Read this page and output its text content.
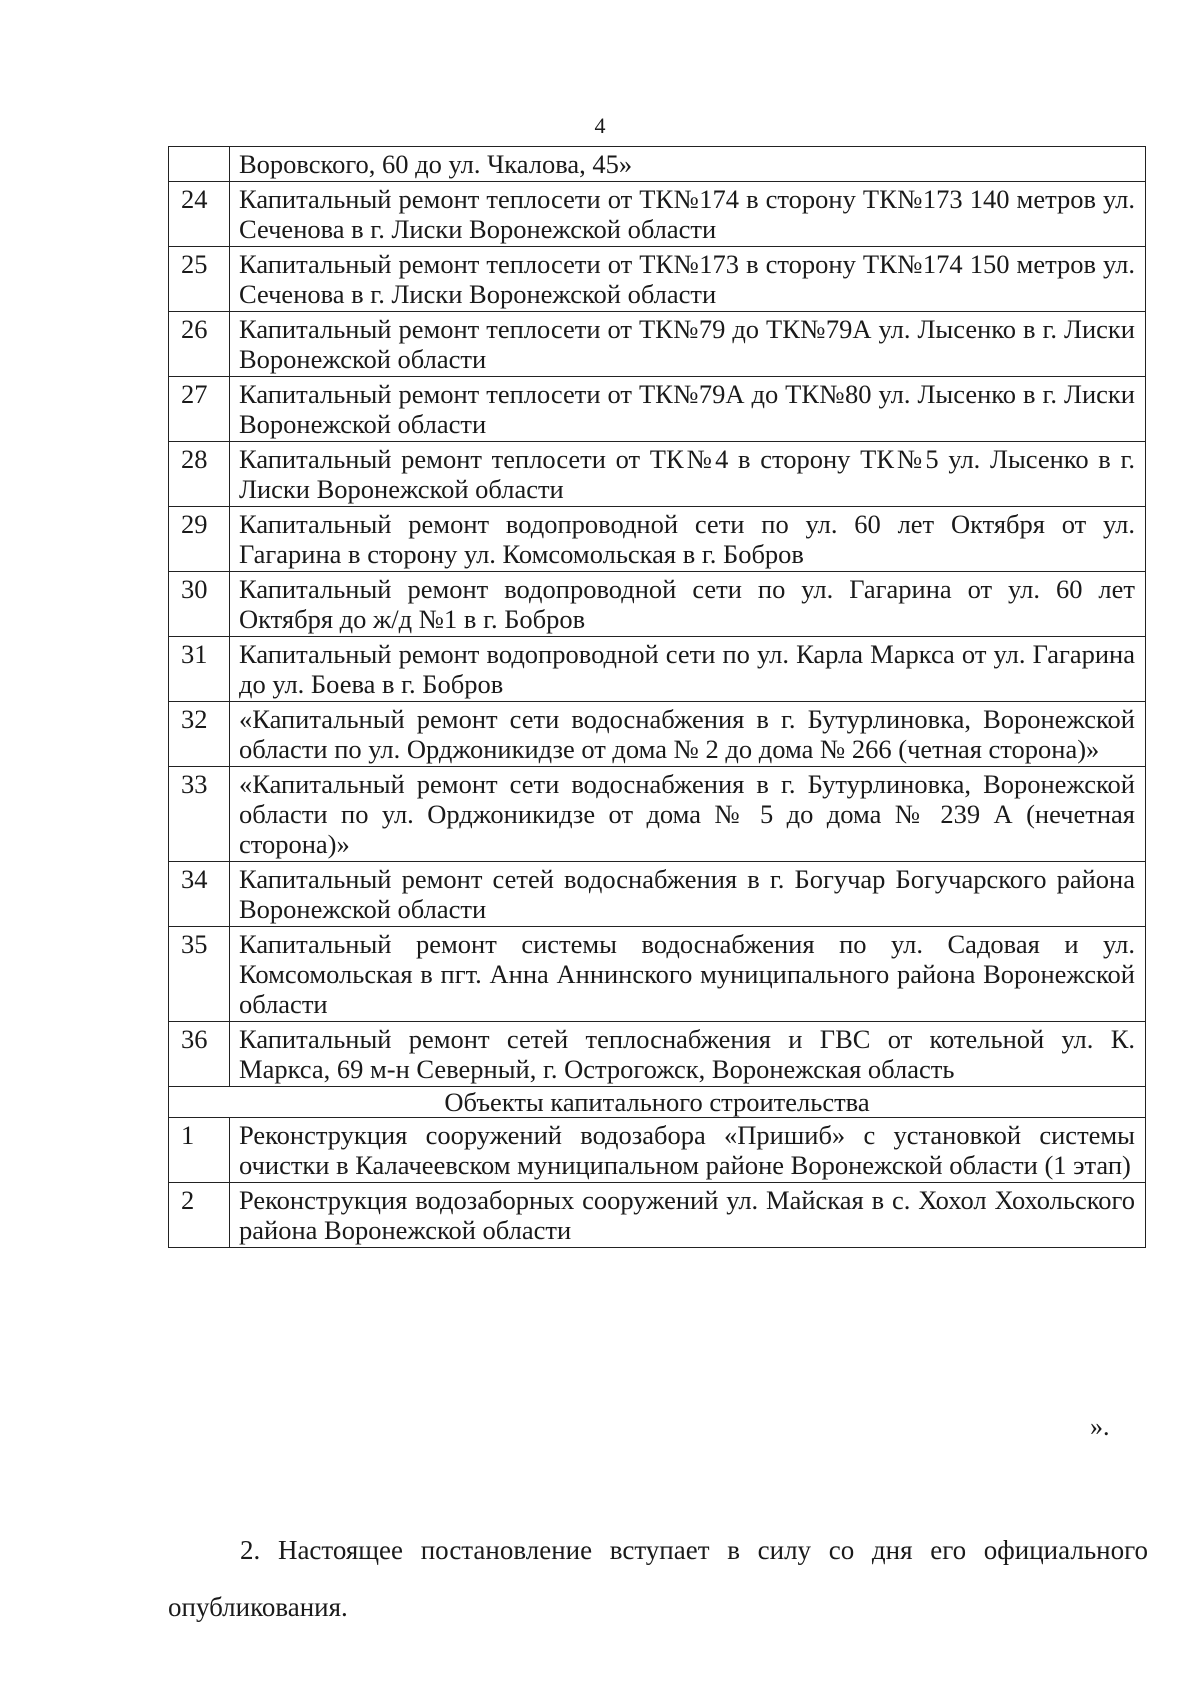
4
	Воровского, 60 до ул. Чкалова, 45»
24	Капитальный ремонт теплосети от ТК№174 в сторону ТК№173 140 метров ул. Сеченова в г. Лиски Воронежской области
25	Капитальный ремонт теплосети от ТК№173 в сторону ТК№174 150 метров ул. Сеченова в г. Лиски Воронежской области
26	Капитальный ремонт теплосети от ТК№79 до ТК№79А ул. Лысенко в г. Лиски Воронежской области
27	Капитальный ремонт теплосети от ТК№79А до ТК№80 ул. Лысенко в г. Лиски Воронежской области
28	Капитальный ремонт теплосети от ТК№4 в сторону ТК№5 ул. Лысенко в г. Лиски Воронежской области
29	Капитальный ремонт водопроводной сети по ул. 60 лет Октября от ул. Гагарина в сторону ул. Комсомольская в г. Бобров
30	Капитальный ремонт водопроводной сети по ул. Гагарина от ул. 60 лет Октября до ж/д №1 в г. Бобров
31	Капитальный ремонт водопроводной сети по ул. Карла Маркса от ул. Гагарина до ул. Боева в г. Бобров
32	«Капитальный ремонт сети водоснабжения в г. Бутурлиновка, Воронежской области по ул. Орджоникидзе от дома № 2 до дома № 266 (четная сторона)»
33	«Капитальный ремонт сети водоснабжения в г. Бутурлиновка, Воронежской области по ул. Орджоникидзе от дома № 5 до дома № 239 А (нечетная сторона)»
34	Капитальный ремонт сетей водоснабжения в г. Богучар Богучарского района Воронежской области
35	Капитальный ремонт системы водоснабжения по ул. Садовая и ул. Комсомольская в пгт. Анна Аннинского муниципального района Воронежской области
36	Капитальный ремонт сетей теплоснабжения и ГВС от котельной ул. К. Маркса, 69 м-н Северный, г. Острогожск, Воронежская область
Объекты капитального строительства	
1	Реконструкция сооружений водозабора «Пришиб» с установкой системы очистки в Калачеевском муниципальном районе Воронежской области (1 этап)
2	Реконструкция водозаборных сооружений ул. Майская в с. Хохол Хохольского района Воронежской области
».

2. Настоящее постановление вступает в силу со дня его официального опубликования.
